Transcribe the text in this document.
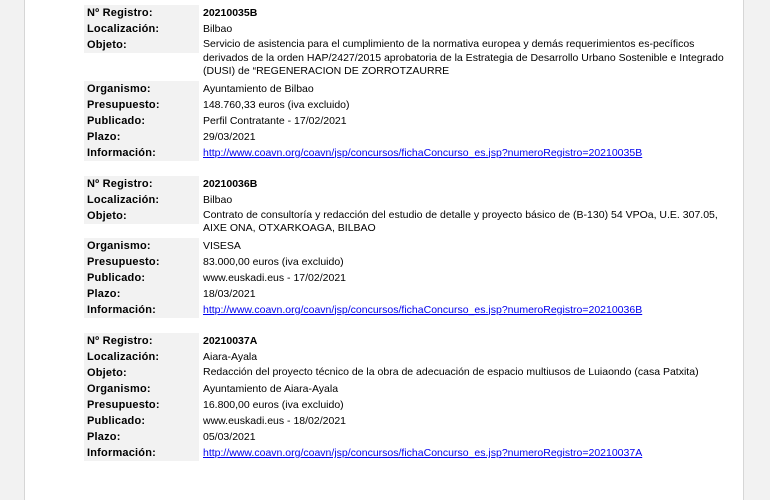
Nº Registro:	20210035B
Localización:	Bilbao
Objeto:	Servicio de asistencia para el cumplimiento de la normativa europea y demás requerimientos es-pecíficos derivados de la orden HAP/2427/2015 aprobatoria de la Estrategia de Desarrollo Urbano Sostenible e Integrado (DUSI) de “REGENERACION DE ZORROTZAURRE
Organismo:	Ayuntamiento de Bilbao
Presupuesto:	148.760,33 euros (iva excluido)
Publicado:	Perfil Contratante - 17/02/2021
Plazo:	29/03/2021
Información:	http://www.coavn.org/coavn/jsp/concursos/fichaConcurso_es.jsp?numeroRegistro=20210035B
Nº Registro:	20210036B
Localización:	Bilbao
Objeto:	Contrato de consultoría y redacción del estudio de detalle y proyecto básico de (B-130) 54 VPOa, U.E. 307.05, AIXE ONA, OTXARKOAGA, BILBAO
Organismo:	VISESA
Presupuesto:	83.000,00 euros (iva excluido)
Publicado:	www.euskadi.eus - 17/02/2021
Plazo:	18/03/2021
Información:	http://www.coavn.org/coavn/jsp/concursos/fichaConcurso_es.jsp?numeroRegistro=20210036B
Nº Registro:	20210037A
Localización:	Aiara-Ayala
Objeto:	Redacción del proyecto técnico de la obra de adecuación de espacio multiusos de Luiaondo (casa Patxita)
Organismo:	Ayuntamiento de Aiara-Ayala
Presupuesto:	16.800,00 euros (iva excluido)
Publicado:	www.euskadi.eus - 18/02/2021
Plazo:	05/03/2021
Información:	http://www.coavn.org/coavn/jsp/concursos/fichaConcurso_es.jsp?numeroRegistro=20210037A
